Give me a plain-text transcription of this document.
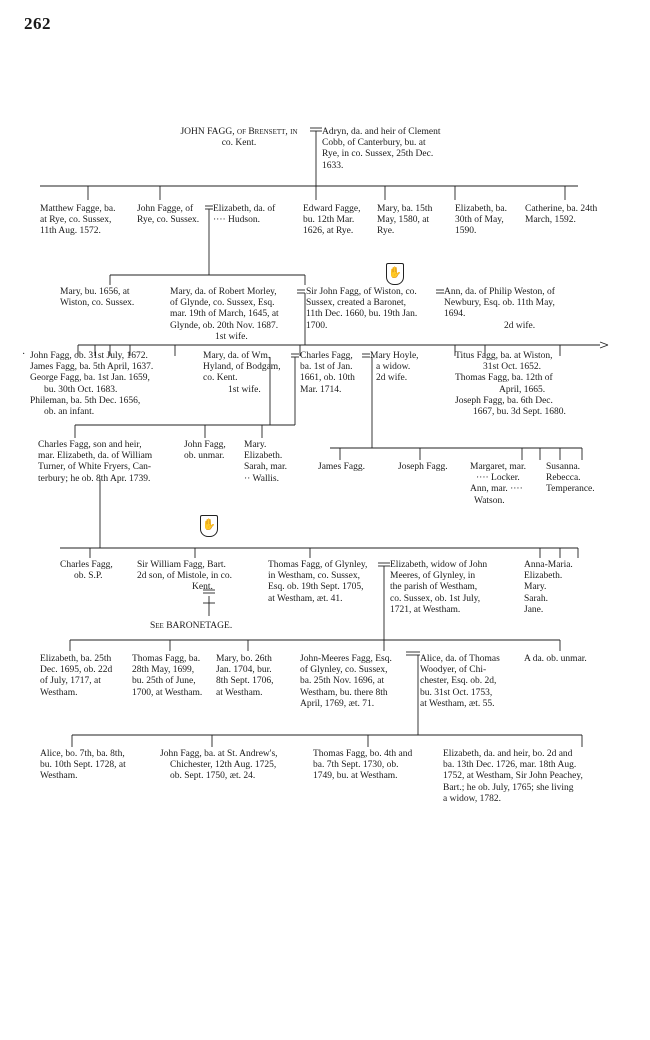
262
✋
✋
·
JOHN FAGG, of Brensett, in
co. Kent.
Adryn, da. and heir of Clement
Cobb, of Canterbury, bu. at
Rye, in co. Sussex, 25th Dec.
1633.
Matthew Fagge, ba.
at Rye, co. Sussex,
11th Aug. 1572.
John Fagge, of
Rye, co. Sussex.
Elizabeth, da. of
···· Hudson.
Edward Fagge,
bu. 12th Mar.
1626, at Rye.
Mary, ba. 15th
May, 1580, at
Rye.
Elizabeth, ba.
30th of May,
1590.
Catherine, ba. 24th
March, 1592.
Mary, bu. 1656, at
Wiston, co. Sussex.
Mary, da. of Robert Morley,
of Glynde, co. Sussex, Esq.
mar. 19th of March, 1645, at
Glynde, ob. 20th Nov. 1687.
1st wife.
Sir John Fagg, of Wiston, co.
Sussex, created a Baronet,
11th Dec. 1660, bu. 19th Jan.
1700.
Ann, da. of Philip Weston, of
Newbury, Esq. ob. 11th May,
1694.
2d wife.
John Fagg, ob. 31st July, 1672.
James Fagg, ba. 5th April, 1637.
George Fagg, ba. 1st Jan. 1659,
bu. 30th Oct. 1683.
Phileman, ba. 5th Dec. 1656,
ob. an infant.
Mary, da. of Wm.
Hyland, of Bodgam,
co. Kent.
1st wife.
Charles Fagg,
ba. 1st of Jan.
1661, ob. 10th
Mar. 1714.
Mary Hoyle,
a widow.
2d wife.
Titus Fagg, ba. at Wiston,
31st Oct. 1652.
Thomas Fagg, ba. 12th of
April, 1665.
Joseph Fagg, ba. 6th Dec.
1667, bu. 3d Sept. 1680.
Charles Fagg, son and heir,
mar. Elizabeth, da. of William
Turner, of White Fryers, Can-
terbury; he ob. 8th Apr. 1739.
John Fagg,
ob. unmar.
Mary.
Elizabeth.
Sarah, mar.
·· Wallis.
James Fagg.	Joseph Fagg. Margaret, mar.
···· Locker.
Ann, mar. ····
Watson.
Susanna.
Rebecca.
Temperance.
Charles Fagg,
ob. S.P.
Sir William Fagg, Bart.
2d son, of Mistole, in co.
Kent.
See BARONETAGE.
Thomas Fagg, of Glynley,
in Westham, co. Sussex,
Esq. ob. 19th Sept. 1705,
at Westham, æt. 41.
Elizabeth, widow of John
Meeres, of Glynley, in
the parish of Westham,
co. Sussex, ob. 1st July,
1721, at Westham.
Anna-Maria.
Elizabeth.
Mary.
Sarah.
Jane.
Elizabeth, ba. 25th
Dec. 1695, ob. 22d
of July, 1717, at
Westham.
Thomas Fagg, ba.
28th May, 1699,
bu. 25th of June,
1700, at Westham.
Mary, bo. 26th
Jan. 1704, bur.
8th Sept. 1706,
at Westham.
John-Meeres Fagg, Esq.
of Glynley, co. Sussex,
ba. 25th Nov. 1696, at
Westham, bu. there 8th
April, 1769, æt. 71.
Alice, da. of Thomas
Woodyer, of Chi-
chester, Esq. ob. 2d,
bu. 31st Oct. 1753,
at Westham, æt. 55.
A da. ob. unmar.
Alice, bo. 7th, ba. 8th,
bu. 10th Sept. 1728, at
Westham.
John Fagg, ba. at St. Andrew's,
Chichester, 12th Aug. 1725,
ob. Sept. 1750, æt. 24.
Thomas Fagg, bo. 4th and
ba. 7th Sept. 1730, ob.
1749, bu. at Westham.
Elizabeth, da. and heir, bo. 2d and
ba. 13th Dec. 1726, mar. 18th Aug.
1752, at Westham, Sir John Peachey,
Bart.; he ob. July, 1765; she living
a widow, 1782.
